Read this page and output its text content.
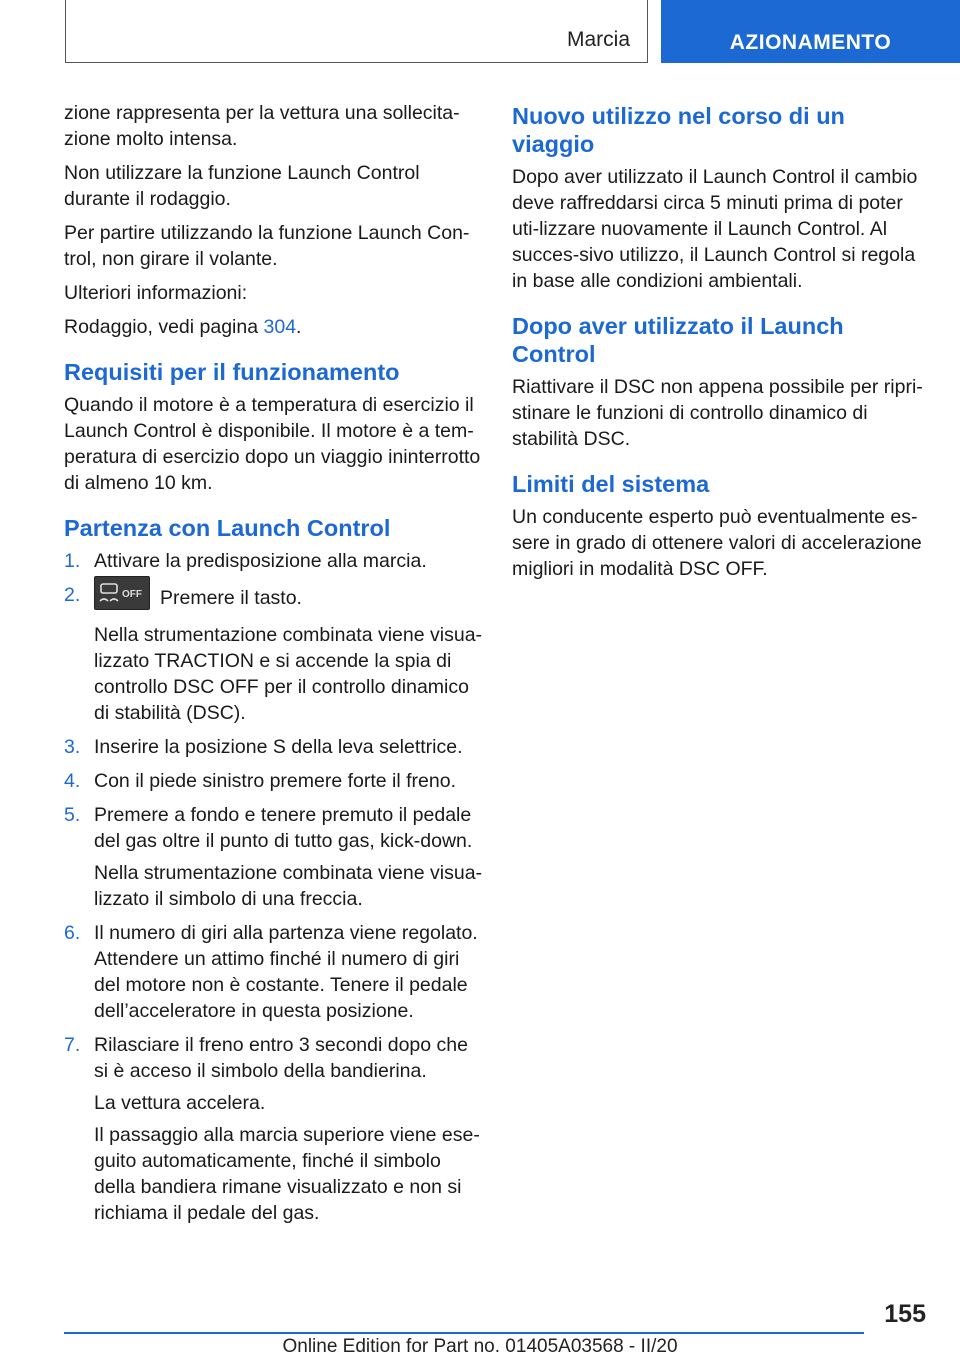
Marcia	AZIONAMENTO

zione rappresenta per la vettura una sollecita-zione molto intensa.

Non utilizzare la funzione Launch Control durante il rodaggio.

Per partire utilizzando la funzione Launch Con-trol, non girare il volante.

Ulteriori informazioni:

Rodaggio, vedi pagina 304.

Requisiti per il funzionamento

Quando il motore è a temperatura di esercizio il Launch Control è disponibile. Il motore è a tem-peratura di esercizio dopo un viaggio ininterrotto di almeno 10 km.

Partenza con Launch Control
1. Attivare la predisposizione alla marcia.

2.	OFF Premere il tasto.

Nella strumentazione combinata viene visua-lizzato TRACTION e si accende la spia di controllo DSC OFF per il controllo dinamico di stabilità (DSC).

3. Inserire la posizione S della leva selettrice.

4. Con il piede sinistro premere forte il freno.

5. Premere a fondo e tenere premuto il pedale del gas oltre il punto di tutto gas, kick-down.

Nella strumentazione combinata viene visua-lizzato il simbolo di una freccia.

6. Il numero di giri alla partenza viene regolato. Attendere un attimo finché il numero di giri del motore non è costante. Tenere il pedale dell’acceleratore in questa posizione.

7. Rilasciare il freno entro 3 secondi dopo che si è acceso il simbolo della bandierina.

La vettura accelera.

Il passaggio alla marcia superiore viene ese-guito automaticamente, finché il simbolo della bandiera rimane visualizzato e non si richiama il pedale del gas.

Nuovo utilizzo nel corso di un viaggio

Dopo aver utilizzato il Launch Control il cambio deve raffreddarsi circa 5 minuti prima di poter uti-lizzare nuovamente il Launch Control. Al succes-sivo utilizzo, il Launch Control si regola in base alle condizioni ambientali.

Dopo aver utilizzato il Launch Control

Riattivare il DSC non appena possibile per ripri-stinare le funzioni di controllo dinamico di stabilità DSC.

Limiti del sistema

Un conducente esperto può eventualmente es-sere in grado di ottenere valori di accelerazione migliori in modalità DSC OFF.

155
Online Edition for Part no. 01405A03568 - II/20
